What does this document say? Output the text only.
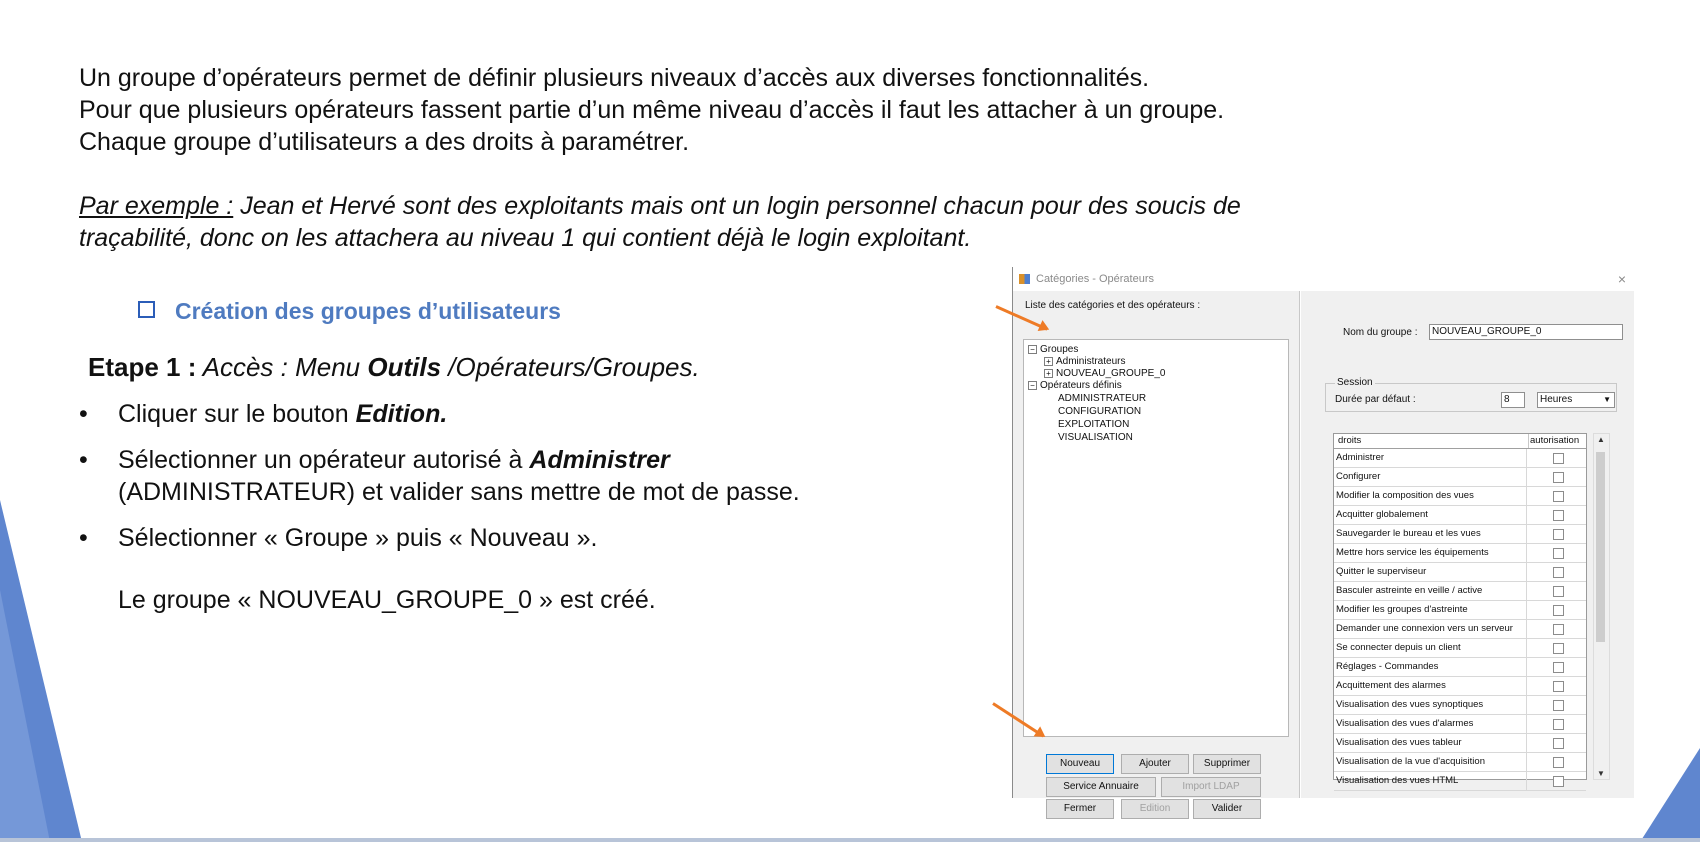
Un groupe d’opérateurs permet de définir plusieurs niveaux d’accès aux diverses fonctionnalités.

Pour que plusieurs opérateurs fassent partie d’un même niveau d’accès il faut les attacher à un groupe.

Chaque groupe d’utilisateurs a des droits à paramétrer.

Par exemple : Jean et Hervé sont des exploitants mais ont un login personnel chacun pour des soucis de
traçabilité, donc on les attachera au niveau 1 qui contient déjà le login exploitant.
Création des groupes d’utilisateurs
Etape 1 : Accès : Menu Outils /Opérateurs/Groupes.
• Cliquer sur le bouton Edition.
• Sélectionner un opérateur autorisé à Administrer
(ADMINISTRATEUR) et valider sans mettre de mot de passe.
• Sélectionner « Groupe » puis « Nouveau ».
Le groupe « NOUVEAU_GROUPE_0 » est créé.
Catégories - Opérateurs	×
Liste des catégories et des opérateurs :
− Groupes
+ Administrateurs
+ NOUVEAU_GROUPE_0
− Opérateurs définis
ADMINISTRATEUR
CONFIGURATION
EXPLOITATION
VISUALISATION
Nouveau	Ajouter	Supprimer
Service Annuaire	Import LDAP
Fermer	Edition	Valider
Nom du groupe :	NOUVEAU_GROUPE_0
Session
Durée par défaut :	8	Heures	▼
droits	autorisation
Administrer
Configurer
Modifier la composition des vues
Acquitter globalement
Sauvegarder le bureau et les vues
Mettre hors service les équipements
Quitter le superviseur
Basculer astreinte en veille / active
Modifier les groupes d'astreinte
Demander une connexion vers un serveur
Se connecter depuis un client
Réglages - Commandes
Acquittement des alarmes
Visualisation des vues synoptiques
Visualisation des vues d'alarmes
Visualisation des vues tableur
Visualisation de la vue d'acquisition
Visualisation des vues HTML
▲
▼
